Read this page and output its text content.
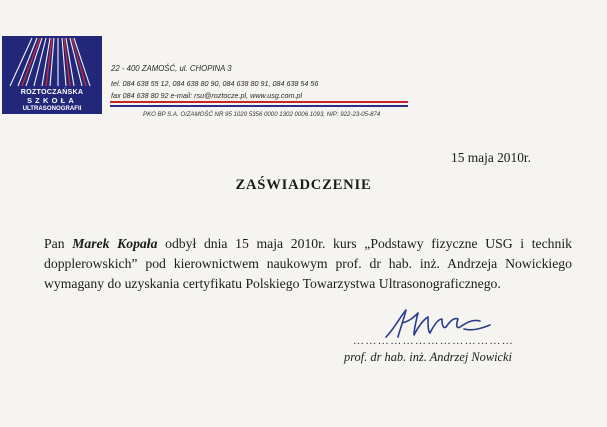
ROZTOCZAŃSKA
SZKOŁA
ULTRASONOGRAFII
22 - 400 ZAMOŚĆ, ul. CHOPINA 3
tel. 084 638 55 12, 084 638 80 90, 084 638 80 91, 084 638 54 56
fax 084 638 80 92 e-mail: rsu@roztocze.pl, www.usg.com.pl
PKO BP S.A. O/ZAMOŚĆ NR 95 1020 5356 0000 1302 0006 1093, NIP: 922-23-05-874
15 maja 2010r.
ZAŚWIADCZENIE
Pan Marek Kopała odbył dnia 15 maja 2010r. kurs „Podstawy fizyczne USG i technik
dopplerowskich” pod kierownictwem naukowym prof. dr hab. inż. Andrzeja Nowickiego
wymagany do uzyskania certyfikatu Polskiego Towarzystwa Ultrasonograficznego.
…………………………………
prof. dr hab. inż. Andrzej Nowicki
